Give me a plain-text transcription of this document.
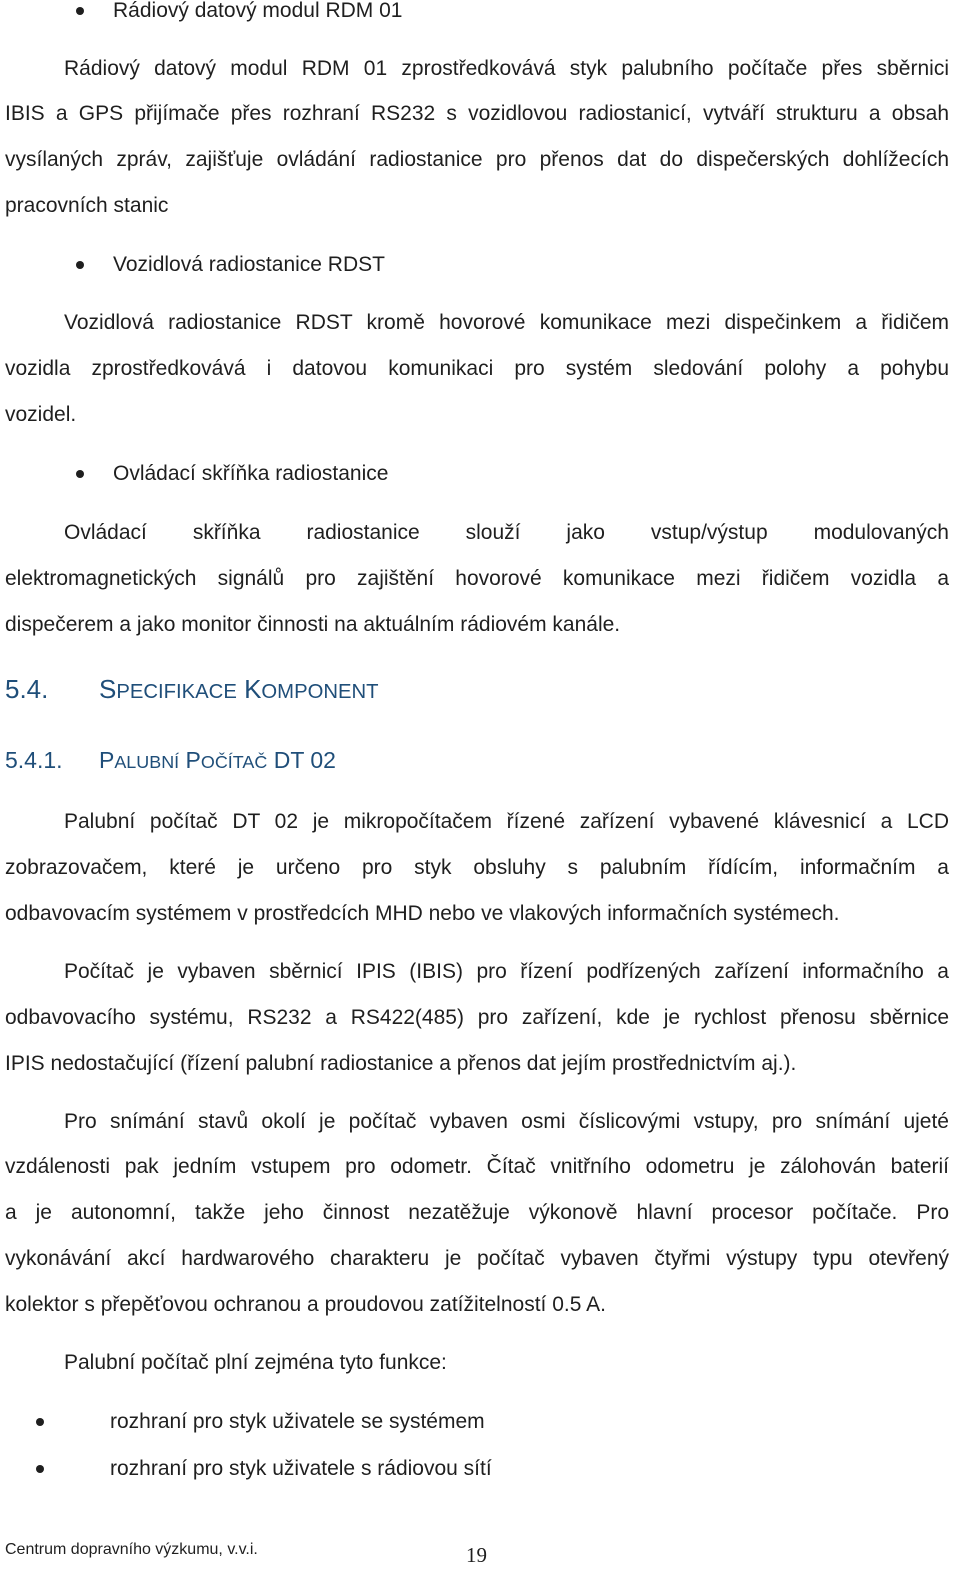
Rádiový datový modul RDM 01
Rádiový datový modul RDM 01 zprostředkovává styk palubního počítače přes sběrnici
IBIS a GPS přijímače přes rozhraní RS232 s vozidlovou radiostanicí, vytváří strukturu a obsah
vysílaných zpráv, zajišťuje ovládání radiostanice pro přenos dat do dispečerských dohlížecích
pracovních stanic
Vozidlová radiostanice RDST
Vozidlová radiostanice RDST kromě hovorové komunikace mezi dispečinkem a řidičem
vozidla zprostředkovává i datovou komunikaci pro systém sledování polohy a pohybu
vozidel.
Ovládací skříňka radiostanice
Ovládací skříňka radiostanice slouží jako vstup/výstup modulovaných
elektromagnetických signálů pro zajištění hovorové komunikace mezi řidičem vozidla a
dispečerem a jako monitor činnosti na aktuálním rádiovém kanále.
5.4. SPECIFIKACE KOMPONENT
5.4.1. PALUBNÍ POČÍTAČ DT 02
Palubní počítač DT 02 je mikropočítačem řízené zařízení vybavené klávesnicí a LCD
zobrazovačem, které je určeno pro styk obsluhy s palubním řídícím, informačním a
odbavovacím systémem v prostředcích MHD nebo ve vlakových informačních systémech.
Počítač je vybaven sběrnicí IPIS (IBIS) pro řízení podřízených zařízení informačního a
odbavovacího systému, RS232 a RS422(485) pro zařízení, kde je rychlost přenosu sběrnice
IPIS nedostačující (řízení palubní radiostanice a přenos dat jejím prostřednictvím aj.).
Pro snímání stavů okolí je počítač vybaven osmi číslicovými vstupy, pro snímání ujeté
vzdálenosti pak jedním vstupem pro odometr. Čítač vnitřního odometru je zálohován baterií
a je autonomní, takže jeho činnost nezatěžuje výkonově hlavní procesor počítače. Pro
vykonávání akcí hardwarového charakteru je počítač vybaven čtyřmi výstupy typu otevřený
kolektor s přepěťovou ochranou a proudovou zatížitelností 0.5 A.
Palubní počítač plní zejména tyto funkce:
rozhraní pro styk uživatele se systémem
rozhraní pro styk uživatele s rádiovou sítí
Centrum dopravního výzkumu, v.v.i.	19
